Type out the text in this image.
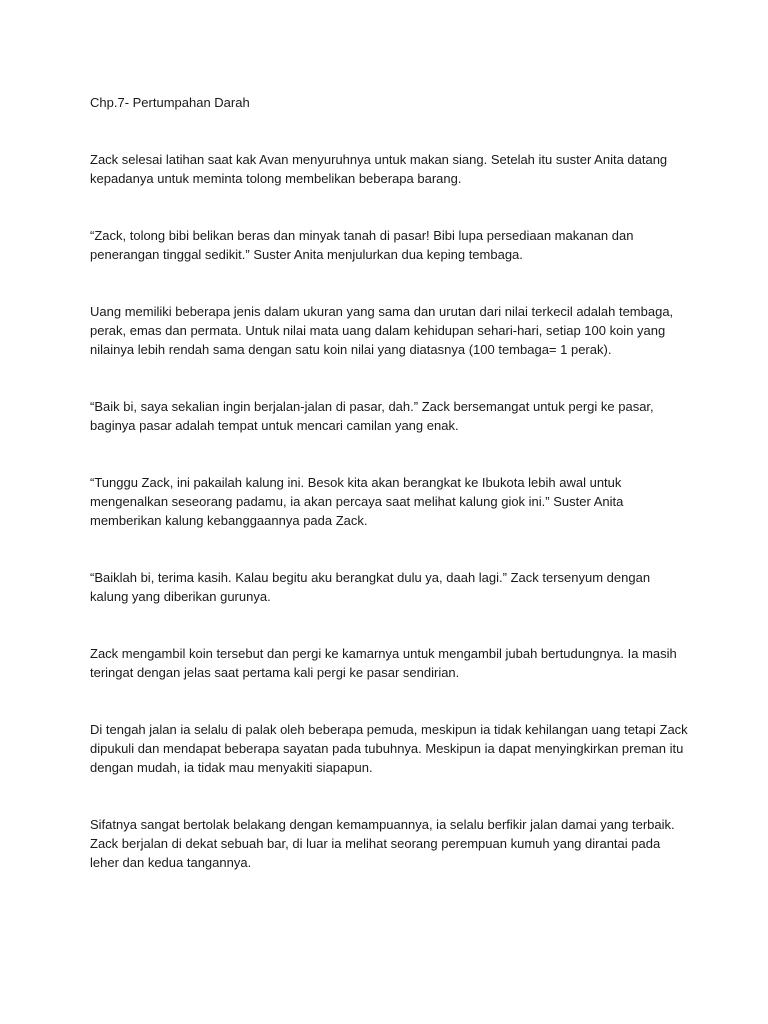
Chp.7- Pertumpahan Darah

Zack selesai latihan saat kak Avan menyuruhnya untuk makan siang. Setelah itu suster Anita datang kepadanya untuk meminta tolong membelikan beberapa barang.

“Zack, tolong bibi belikan beras dan minyak tanah di pasar! Bibi lupa persediaan makanan dan penerangan tinggal sedikit.” Suster Anita menjulurkan dua keping tembaga.

Uang memiliki beberapa jenis dalam ukuran yang sama dan urutan dari nilai terkecil adalah tembaga, perak, emas dan permata. Untuk nilai mata uang dalam kehidupan sehari-hari, setiap 100 koin yang nilainya lebih rendah sama dengan satu koin nilai yang diatasnya (100 tembaga= 1 perak).

“Baik bi, saya sekalian ingin berjalan-jalan di pasar, dah.” Zack bersemangat untuk pergi ke pasar, baginya pasar adalah tempat untuk mencari camilan yang enak.

“Tunggu Zack, ini pakailah kalung ini. Besok kita akan berangkat ke Ibukota lebih awal untuk mengenalkan seseorang padamu, ia akan percaya saat melihat kalung giok ini.” Suster Anita memberikan kalung kebanggaannya pada Zack.

“Baiklah bi, terima kasih. Kalau begitu aku berangkat dulu ya, daah lagi.” Zack tersenyum dengan kalung yang diberikan gurunya.

Zack mengambil koin tersebut dan pergi ke kamarnya untuk mengambil jubah bertudungnya. Ia masih teringat dengan jelas saat pertama kali pergi ke pasar sendirian.

Di tengah jalan ia selalu di palak oleh beberapa pemuda, meskipun ia tidak kehilangan uang tetapi Zack dipukuli dan mendapat beberapa sayatan pada tubuhnya. Meskipun ia dapat menyingkirkan preman itu dengan mudah, ia tidak mau menyakiti siapapun.

Sifatnya sangat bertolak belakang dengan kemampuannya, ia selalu berfikir jalan damai yang terbaik. Zack berjalan di dekat sebuah bar, di luar ia melihat seorang perempuan kumuh yang dirantai pada leher dan kedua tangannya.
